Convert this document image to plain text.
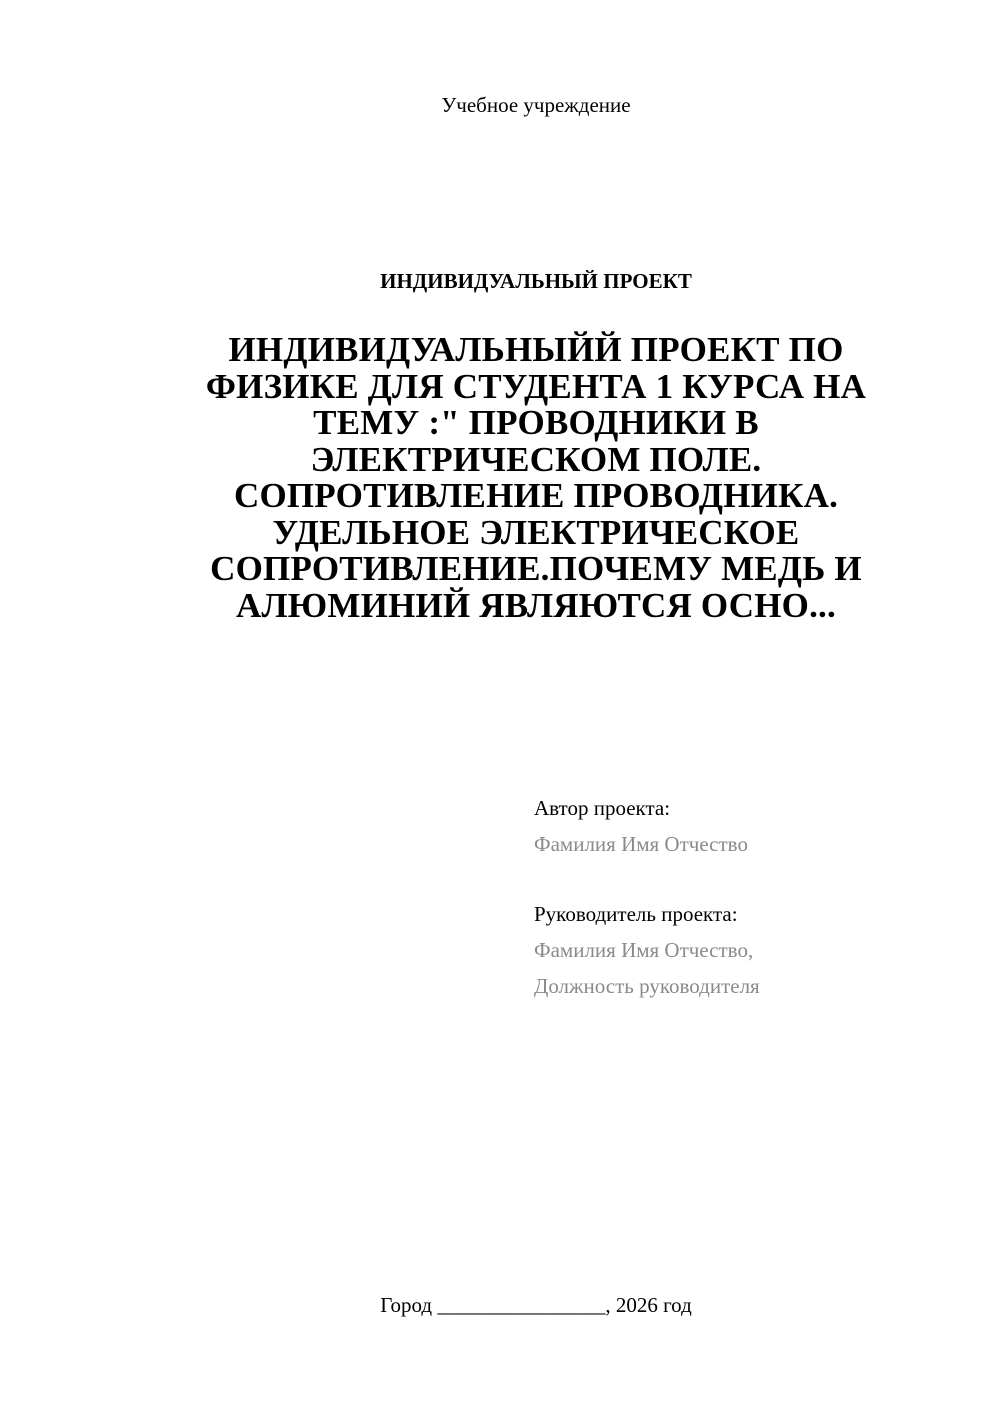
Учебное учреждение
ИНДИВИДУАЛЬНЫЙ ПРОЕКТ
ИНДИВИДУАЛЬНЫЙЙ ПРОЕКТ ПО ФИЗИКЕ ДЛЯ СТУДЕНТА 1 КУРСА НА ТЕМУ :" ПРОВОДНИКИ В ЭЛЕКТРИЧЕСКОМ ПОЛЕ. СОПРОТИВЛЕНИЕ ПРОВОДНИКА. УДЕЛЬНОЕ ЭЛЕКТРИЧЕСКОЕ СОПРОТИВЛЕНИЕ.ПОЧЕМУ МЕДЬ И АЛЮМИНИЙ ЯВЛЯЮТСЯ ОСНО...
Автор проекта:
Фамилия Имя Отчество
Руководитель проекта:
Фамилия Имя Отчество,
Должность руководителя
Город ________________, 2026 год
